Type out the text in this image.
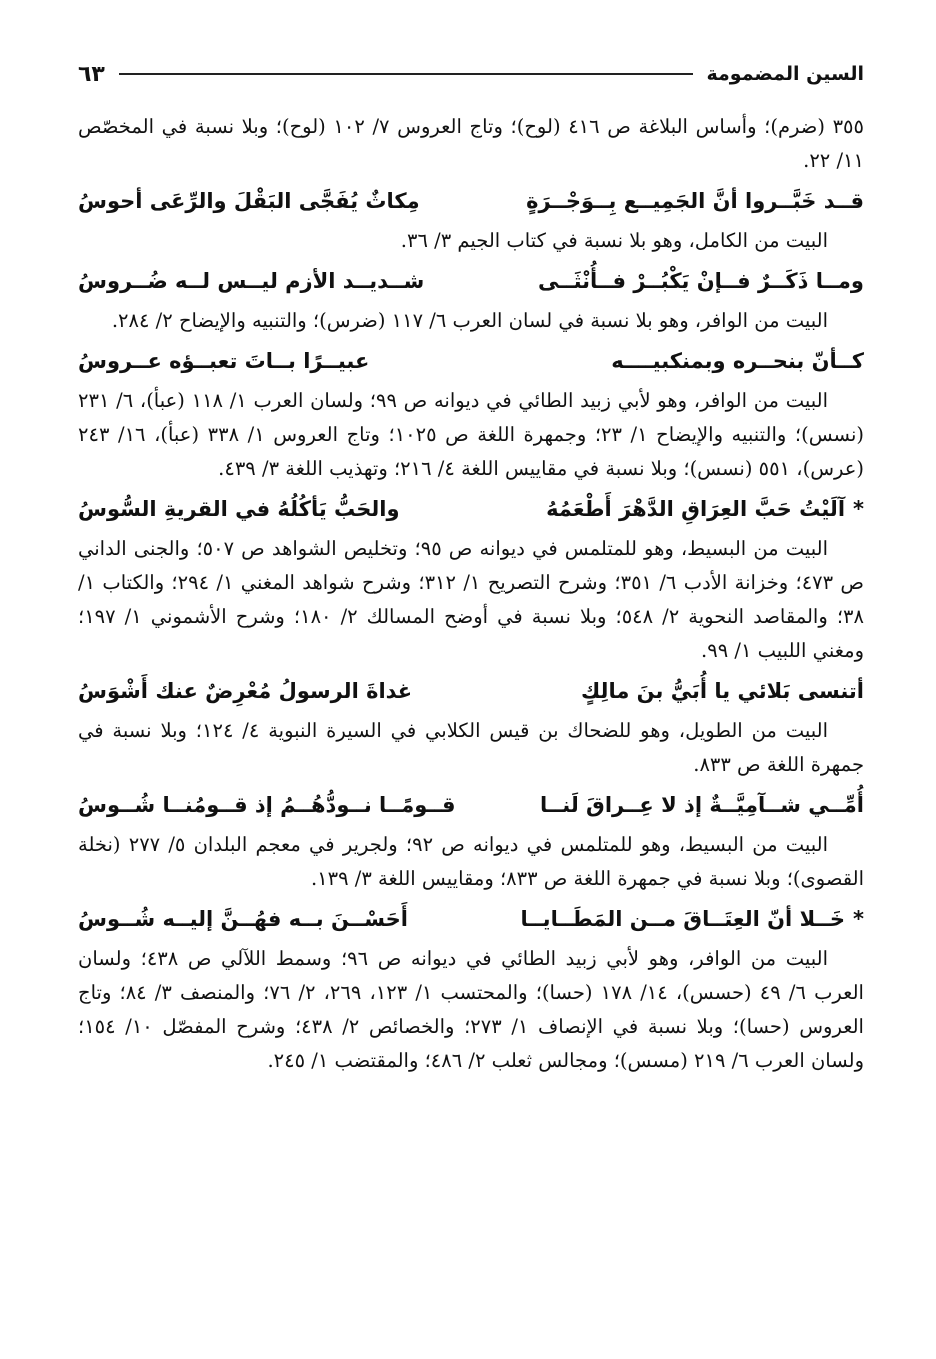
السين المضمومة
٦٣

٣٥٥ (ضرم)؛ وأساس البلاغة ص ٤١٦ (لوح)؛ وتاج العروس ٧/ ١٠٢ (لوح)؛ وبلا نسبة في المخصّص ١١/ ٢٢.

قــد خَبَّــروا أنَّ الجَمِيــع بِــوَجْــرَةٍ
مِكاثٌ يُفَجَّى البَقْلَ والرِّعَى أحوسُ

البيت من الكامل، وهو بلا نسبة في كتاب الجيم ٣/ ٣٦.

ومــا ذَكَــرٌ فــإنْ يَكْبُــرْ فــأُنْثَــى
شــديــد الأزم ليــس لــه ضُــروسُ

البيت من الوافر، وهو بلا نسبة في لسان العرب ٦/ ١١٧ (ضرس)؛ والتنبيه والإيضاح ٢/ ٢٨٤.

كــأنّ بنحــره وبمنكبيــــه
عبيــرًا بــاتَ تعبــؤه عــروسُ

البيت من الوافر، وهو لأبي زبيد الطائي في ديوانه ص ٩٩؛ ولسان العرب ١/ ١١٨ (عبأ)، ٦/ ٢٣١ (نسس)؛ والتنبيه والإيضاح ١/ ٢٣؛ وجمهرة اللغة ص ١٠٢٥؛ وتاج العروس ١/ ٣٣٨ (عبأ)، ١٦/ ٢٤٣ (عرس)، ٥٥١ (نسس)؛ وبلا نسبة في مقاييس اللغة ٤/ ٢١٦؛ وتهذيب اللغة ٣/ ٤٣٩.

*آلَيْتُ حَبَّ العِرَاقِ الدَّهْرَ أَطْعَمُهُ
والحَبُّ يَأكُلُهُ في القريةِ السُّوسُ

البيت من البسيط، وهو للمتلمس في ديوانه ص ٩٥؛ وتخليص الشواهد ص ٥٠٧؛ والجنى الداني ص ٤٧٣؛ وخزانة الأدب ٦/ ٣٥١؛ وشرح التصريح ١/ ٣١٢؛ وشرح شواهد المغني ١/ ٢٩٤؛ والكتاب ١/ ٣٨؛ والمقاصد النحوية ٢/ ٥٤٨؛ وبلا نسبة في أوضح المسالك ٢/ ١٨٠؛ وشرح الأشموني ١/ ١٩٧؛ ومغني اللبيب ١/ ٩٩.

أتنسى بَلائي يا أُبَيُّ بنَ مالِكٍ
غداةَ الرسولُ مُعْرِضٌ عنك أَشْوَسُ

البيت من الطويل، وهو للضحاك بن قيس الكلابي في السيرة النبوية ٤/ ١٢٤؛ وبلا نسبة في جمهرة اللغة ص ٨٣٣.

أُمِّــي شــآمِيَّــةٌ إذ لا عِــراقَ لَنــا
قــومًــا نــودُّهُــمُ إذ قــومُنــا شُــوسُ

البيت من البسيط، وهو للمتلمس في ديوانه ص ٩٢؛ ولجرير في معجم البلدان ٥/ ٢٧٧ (نخلة القصوى)؛ وبلا نسبة في جمهرة اللغة ص ٨٣٣؛ ومقاييس اللغة ٣/ ١٣٩.

*خَــلا أنّ العِتَــاقَ مــن المَطَــايــا
أَحَسْــنَ بــه فهُــنَّ إليــه شُــوسُ

البيت من الوافر، وهو لأبي زبيد الطائي في ديوانه ص ٩٦؛ وسمط اللآلي ص ٤٣٨؛ ولسان العرب ٦/ ٤٩ (حسس)، ١٤/ ١٧٨ (حسا)؛ والمحتسب ١/ ١٢٣، ٢٦٩، ٢/ ٧٦؛ والمنصف ٣/ ٨٤؛ وتاج العروس (حسا)؛ وبلا نسبة في الإنصاف ١/ ٢٧٣؛ والخصائص ٢/ ٤٣٨؛ وشرح المفصّل ١٠/ ١٥٤؛ ولسان العرب ٦/ ٢١٩ (مسس)؛ ومجالس ثعلب ٢/ ٤٨٦؛ والمقتضب ١/ ٢٤٥.
